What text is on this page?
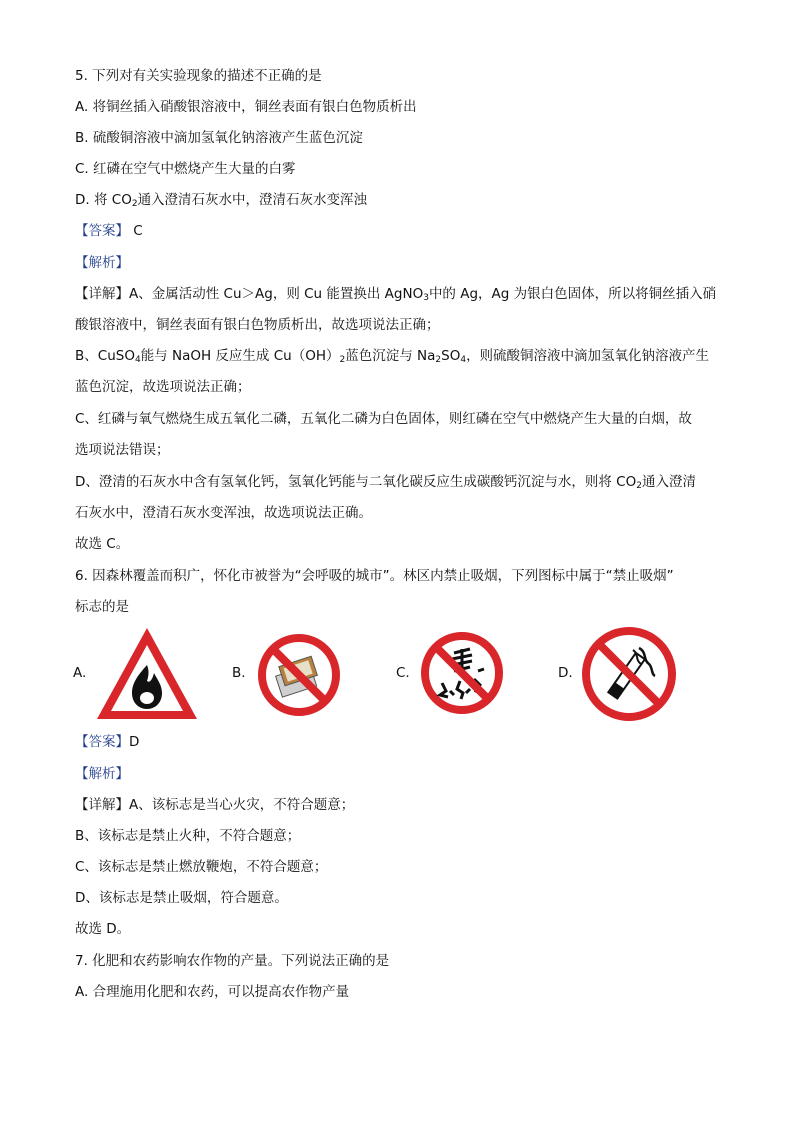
5. 下列对有关实验现象的描述不正确的是
A. 将铜丝插入硝酸银溶液中，铜丝表面有银白色物质析出
B. 硫酸铜溶液中滴加氢氧化钠溶液产生蓝色沉淀
C. 红磷在空气中燃烧产生大量的白雾
D. 将 $CO_2$通入澄清石灰水中，澄清石灰水变浑浊
【答案】 C
【解析】
【详解】A、金属活动性 Cu＞Ag，则 Cu 能置换出 AgNO$_3$中的 Ag，Ag 为银白色固体，所以将铜丝插入硝
酸银溶液中，铜丝表面有银白色物质析出，故选项说法正确；
B、CuSO$_4$能与 NaOH 反应生成 $Cu(OH)_2$蓝色沉淀与 $Na_2SO_4$，则硫酸铜溶液中滴加氢氧化钠溶液产生
蓝色沉淀，故选项说法正确；
C、红磷与氧气燃烧生成五氧化二磷，五氧化二磷为白色固体，则红磷在空气中燃烧产生大量的白烟，故
选项说法错误；
D、澄清的石灰水中含有氢氧化钙，氢氧化钙能与二氧化碳反应生成碳酸钙沉淀与水，则将 $CO_2$通入澄清
石灰水中，澄清石灰水变浑浊，故选项说法正确。
故选 C。
6. 因森林覆盖而积广，怀化市被誉为“会呼吸的城市”。林区内禁止吸烟，下列图标中属于“禁止吸烟”
标志的是
A.	B.	C.	D.
【答案】D
【解析】
【详解】A、该标志是当心火灾，不符合题意；
B、该标志是禁止火种，不符合题意；
C、该标志是禁止燃放鞭炮，不符合题意；
D、该标志是禁止吸烟，符合题意。
故选 D。
7. 化肥和农药影响农作物的产量。下列说法正确的是
A. 合理施用化肥和农药，可以提高农作物产量
